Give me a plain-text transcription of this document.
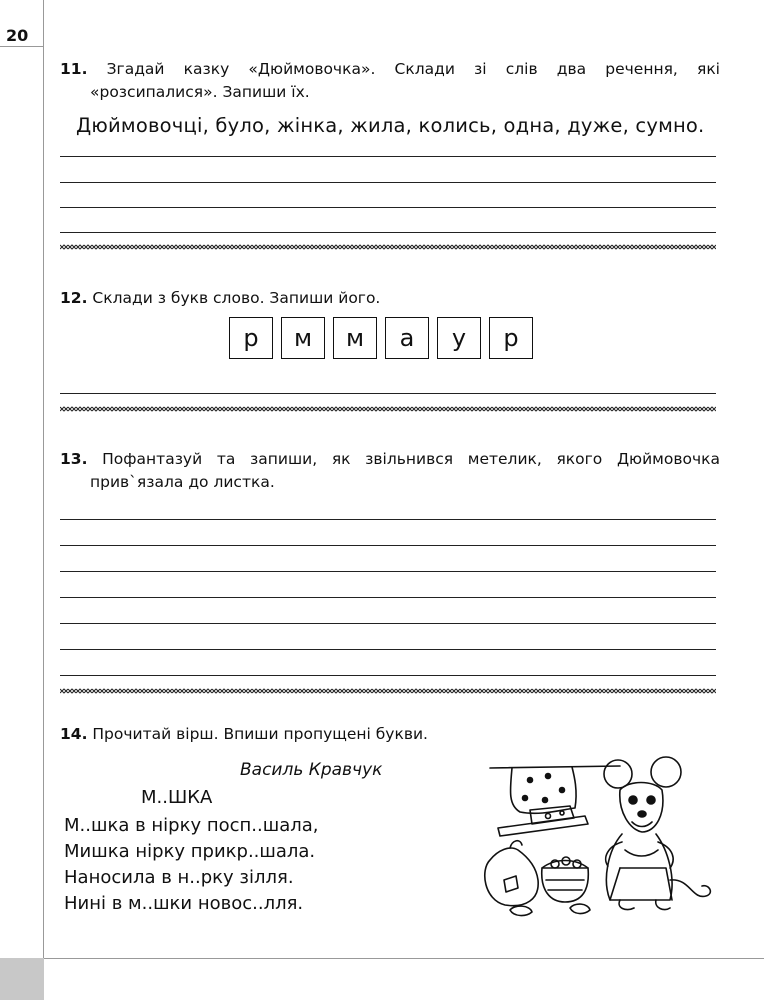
20
11. Згадай казку «Дюймовочка». Склади зі слів два речення, які «розсипалися». Запиши їх.
Дюймовочці, було, жінка, жила, колись, одна, дуже, сумно.
12. Склади з букв слово. Запиши його.
р	м	м	а	у	р
13. Пофантазуй та запиши, як звільнився метелик, якого Дюймовочка прив`язала до листка.
14. Прочитай вірш. Впиши пропущені букви.
Василь Кравчук
М..ШКА
М..шка в нірку посп..шала,
Мишка нірку прикр..шала.
Наносила в н..рку зілля.
Нині в м..шки новос..лля.
